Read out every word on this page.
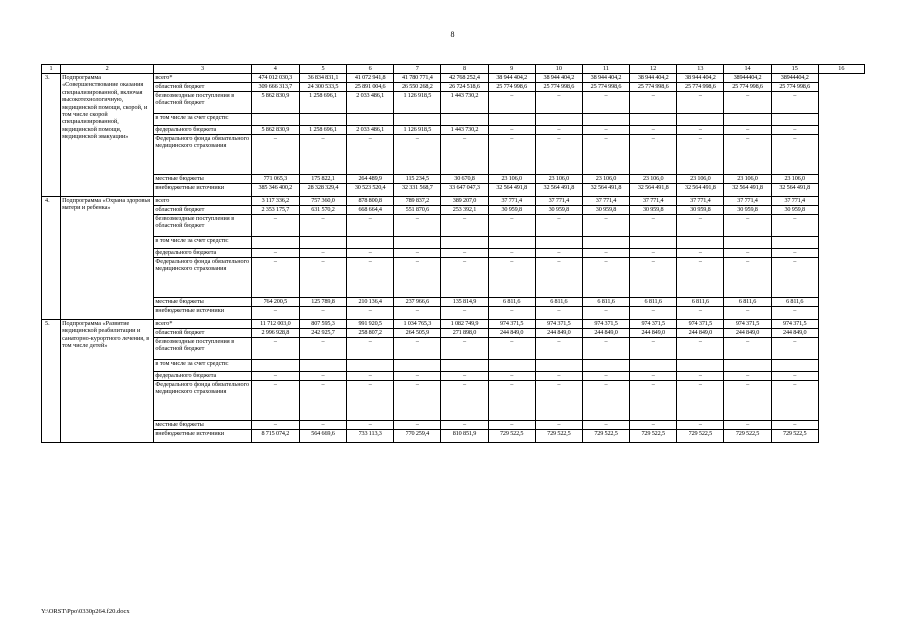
8
1	2	3	4	5	6	7	8	9	10	11	12	13	14	15	16
3.	Подпрограмма «Совершенствование оказания специализированной, включая высокотехнологичную, медицинской помощи, скорой, и том числе скорой специализированной, медицинской помощи, медицинской эвакуации»	всего*	474 012 030,3	36 834 831,1	41 072 941,8	41 780 771,4	42 768 252,4	38 944 404,2	38 944 404,2	38 944 404,2	38 944 404,2	38 944 404,2	38944404,2	38944404,2	
		областной бюджет	309 666 313,7	24 300 533,5	25 891 004,6	26 550 268,2	26 724 518,6	25 774 998,6	25 774 998,6	25 774 998,6	25 774 998,6	25 774 998,6	25 774 998,6	25 774 998,6	
		безвозмездные поступления в областной бюджет	5 862 830,9	1 258 696,1	2 033 486,1	1 126 918,5	1 443 730,2	–	–	–	–	–	–	–	
		в том числе за счет средств:													
		федерального бюджета	5 862 830,9	1 258 696,1	2 033 486,1	1 126 918,5	1 443 730,2	–	–	–	–	–	–	–	
		Федерального фонда обязательного медицинского страхования	–	–	–	–	–	–	–	–	–	–	–	–	
		местные бюджеты	771 065,3	175 822,1	264 489,9	115 234,5	30 670,8	23 106,0	23 106,0	23 106,0	23 106,0	23 106,0	23 106,0	23 106,0	
		внебюджетные источники	385 346 400,2	28 328 329,4	30 523 520,4	32 331 568,7	33 647 047,3	32 564 491,8	32 564 491,8	32 564 491,8	32 564 491,8	32 564 491,8	32 564 491,8	32 564 491,8	
4.	Подпрограмма «Охрана здоровья матери и ребенка»	всего	3 117 336,2	757 360,0	878 800,8	789 837,2	389 207,0	37 771,4	37 771,4	37 771,4	37 771,4	37 771,4	37 771,4	37 771,4	
		областной бюджет	2 353 175,7	631 570,2	668 664,4	551 870,6	253 392,1	30 959,8	30 959,8	30 959,8	30 959,8	30 959,8	30 959,8	30 959,8	
		безвозмездные поступления в областной бюджет	–	–	–	–	–	–	–	–	–	–	–	–	
		в том числе за счет средств:													
		федерального бюджета	–	–	–	–	–	–	–	–	–	–	–	–	
		Федерального фонда обязательного медицинского страхования	–	–	–	–	–	–	–	–	–	–	–	–	
		местные бюджеты	764 200,5	125 789,8	210 136,4	237 966,6	135 814,9	6 811,6	6 811,6	6 811,6	6 811,6	6 811,6	6 811,6	6 811,6	
		внебюджетные источники	–	–	–	–	–	–	–	–	–	–	–	–	
5.	Подпрограмма «Развитие медицинской реабилитации и санаторно-курортного лечения, в том числе детей»	всего*	11 712 003,0	807 595,3	991 920,5	1 034 765,3	1 082 749,9	974 371,5	974 371,5	974 371,5	974 371,5	974 371,5	974 371,5	974 371,5	
		областной бюджет	2 996 928,8	242 925,7	258 807,2	264 505,9	271 898,0	244 849,0	244 849,0	244 849,0	244 849,0	244 849,0	244 849,0	244 849,0	
		безвозмездные поступления в областной бюджет	–	–	–	–	–	–	–	–	–	–	–	–	
		в том числе за счет средств:													
		федерального бюджета	–	–	–	–	–	–	–	–	–	–	–	–	
		Федерального фонда обязательного медицинского страхования	–	–	–	–	–	–	–	–	–	–	–	–	
		местные бюджеты	–	–	–	–	–	–	–	–	–	–	–	–	
		внебюджетные источники	8 715 074,2	564 669,6	733 113,3	770 259,4	810 851,9	729 522,5	729 522,5	729 522,5	729 522,5	729 522,5	729 522,5	729 522,5	
Y:\ORST\Ppo\0330p264.f20.docx
